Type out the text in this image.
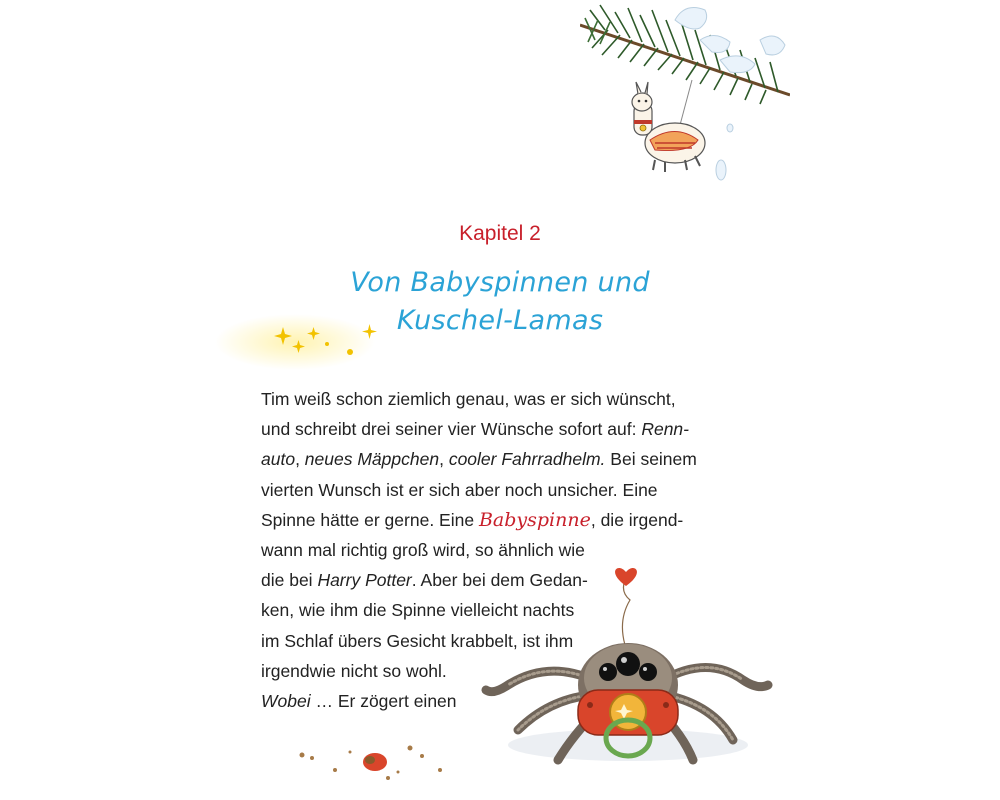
Kapitel 2
Von Babyspinnen und
Kuschel-Lamas
Tim weiß schon ziemlich genau, was er sich wünscht,
und schreibt drei seiner vier Wünsche sofort auf: Renn-
auto, neues Mäppchen, cooler Fahrradhelm. Bei seinem
vierten Wunsch ist er sich aber noch unsicher. Eine
Spinne hätte er gerne. Eine Babyspinne, die irgend-
wann mal richtig groß wird, so ähnlich wie
die bei Harry Potter. Aber bei dem Gedan-
ken, wie ihm die Spinne vielleicht nachts
im Schlaf übers Gesicht krabbelt, ist ihm
irgendwie nicht so wohl.
Wobei … Er zögert einen
